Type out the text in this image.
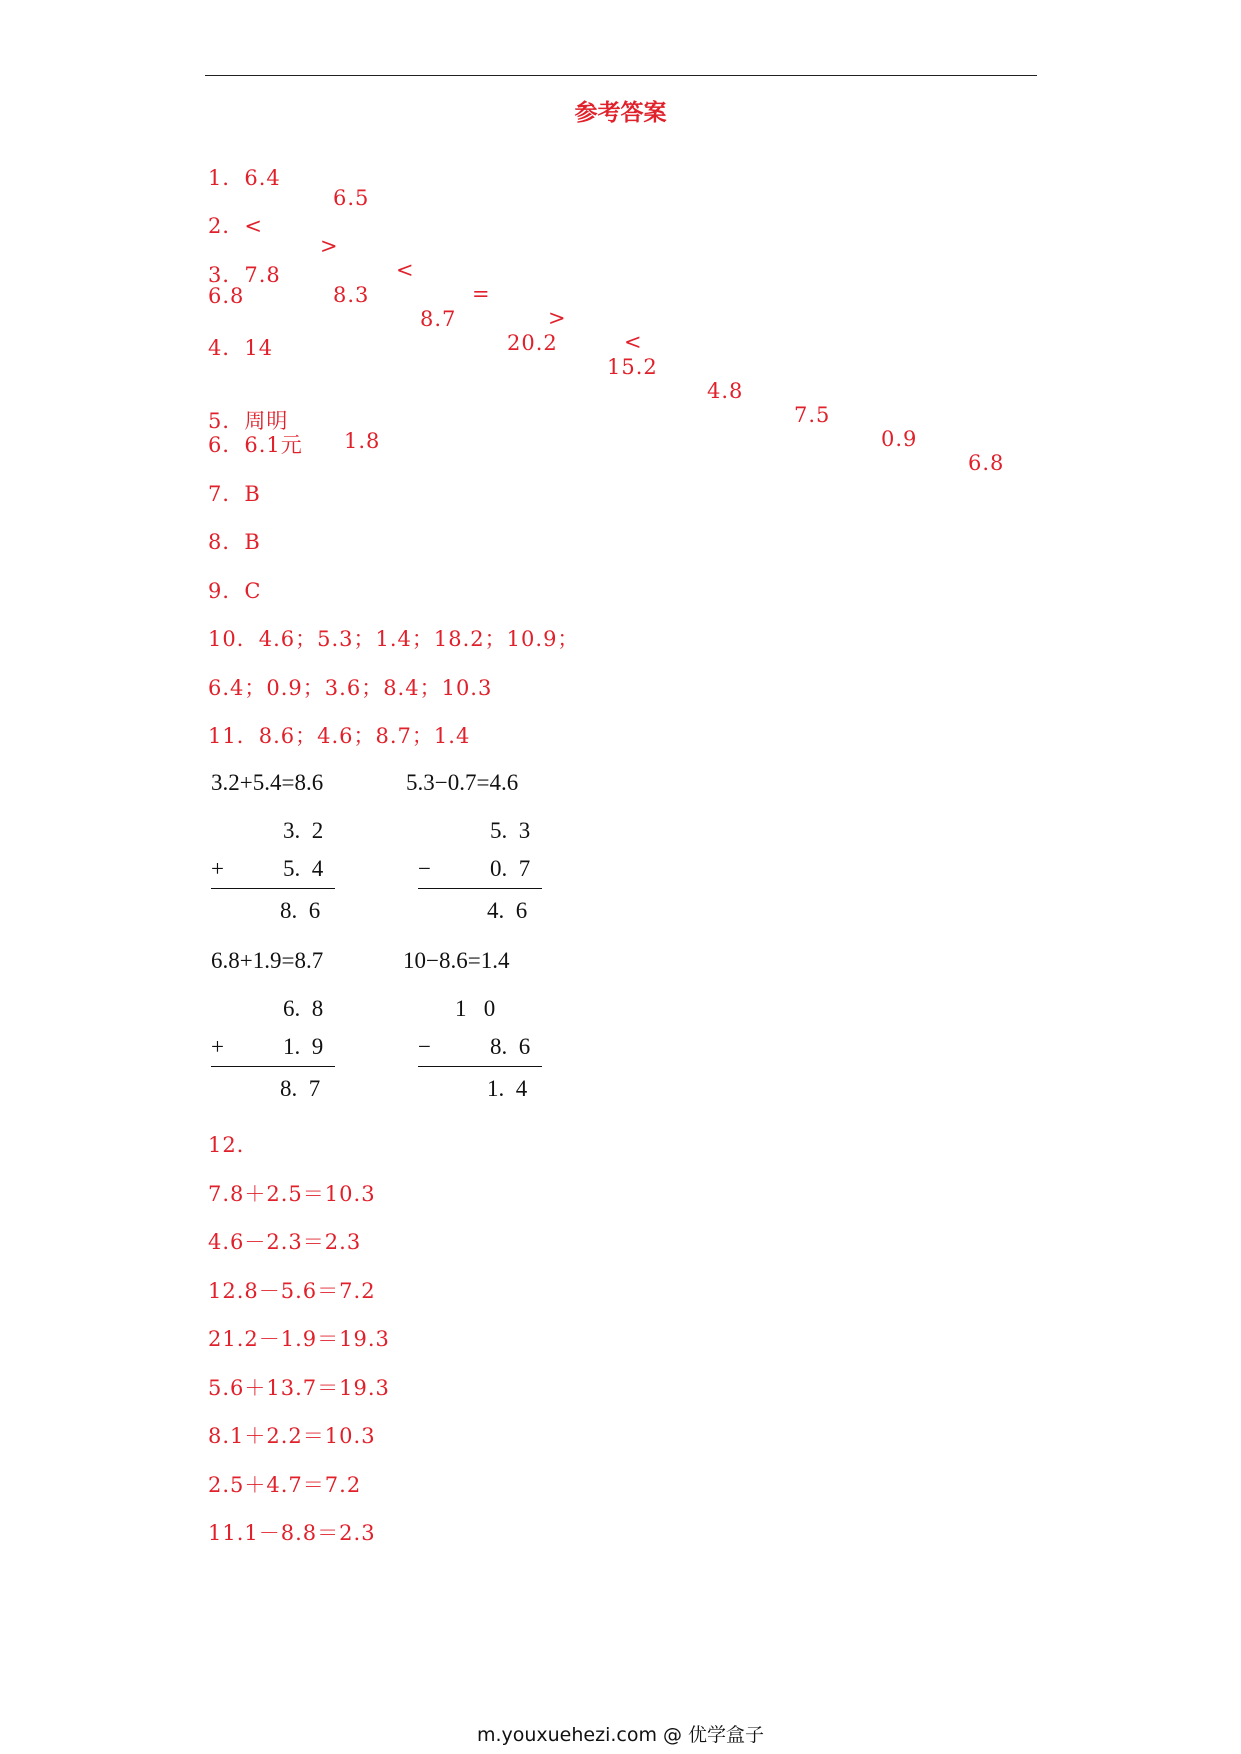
参考答案

1．6.4

6.5

2．<

>

<

=

>

<

3．7.8

8.3

8.7

20.2

15.2

4.8

7.5

0.9

6.8

6.8
4．14

5．周明

1.8

6．6.1元
7．B
8．B
9．C
10．4.6；5.3；1.4；18.2；10.9；
6.4；0.9；3.6；8.4；10.3
11．8.6；4.6；8.7；1.4
3.2+5.4=8.6	5.3−0.7=4.6
3.  2
+	5.  4
8.  6
5.  3
−	0.  7
4.  6
6.8+1.9=8.7	10−8.6=1.4
6.  8
+	1.  9
8.  7
1   0
−	8.  6
1.  4
12．
7.8＋2.5＝10.3
4.6－2.3＝2.3
12.8－5.6＝7.2
21.2－1.9＝19.3
5.6＋13.7＝19.3
8.1＋2.2＝10.3
2.5＋4.7＝7.2
11.1－8.8＝2.3
m.youxuehezi.com @ 优学盒子
